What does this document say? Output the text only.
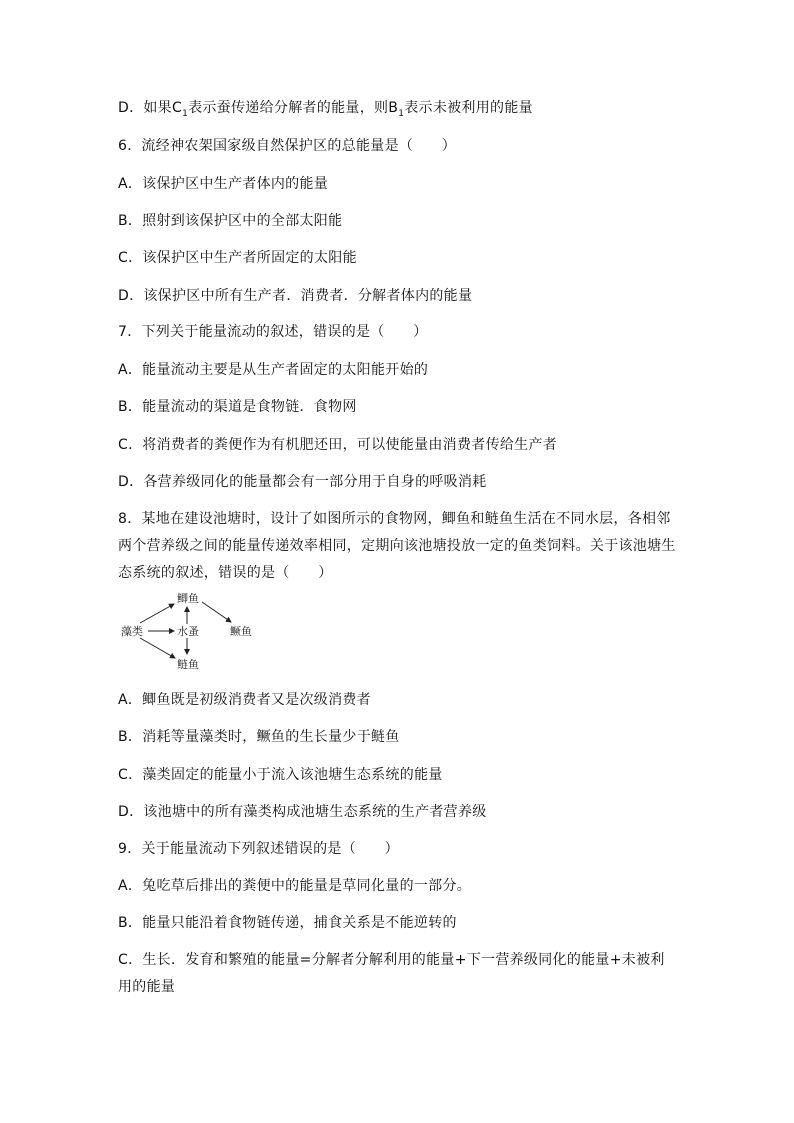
D．如果$C_1$表示蚕传递给分解者的能量，则$B_1$表示未被利用的能量
6．流经神农架国家级自然保护区的总能量是（　　）
A．该保护区中生产者体内的能量
B．照射到该保护区中的全部太阳能
C．该保护区中生产者所固定的太阳能
D．该保护区中所有生产者．消费者．分解者体内的能量
7．下列关于能量流动的叙述，错误的是（　　）
A．能量流动主要是从生产者固定的太阳能开始的
B．能量流动的渠道是食物链．食物网
C．将消费者的粪便作为有机肥还田，可以使能量由消费者传给生产者
D．各营养级同化的能量都会有一部分用于自身的呼吸消耗
8．某地在建设池塘时，设计了如图所示的食物网，鲫鱼和鲢鱼生活在不同水层，各相邻两个营养级之间的能量传递效率相同，定期向该池塘投放一定的鱼类饲料。关于该池塘生态系统的叙述，错误的是（　　）
藻类
鲫鱼
水蚤	鳜鱼
鲢鱼
A．鲫鱼既是初级消费者又是次级消费者
B．消耗等量藻类时，鳜鱼的生长量少于鲢鱼
C．藻类固定的能量小于流入该池塘生态系统的能量
D．该池塘中的所有藻类构成池塘生态系统的生产者营养级
9．关于能量流动下列叙述错误的是（　　）
A．兔吃草后排出的粪便中的能量是草同化量的一部分。
B．能量只能沿着食物链传递，捕食关系是不能逆转的
C．生长．发育和繁殖的能量=分解者分解利用的能量+下一营养级同化的能量+未被利用的能量
